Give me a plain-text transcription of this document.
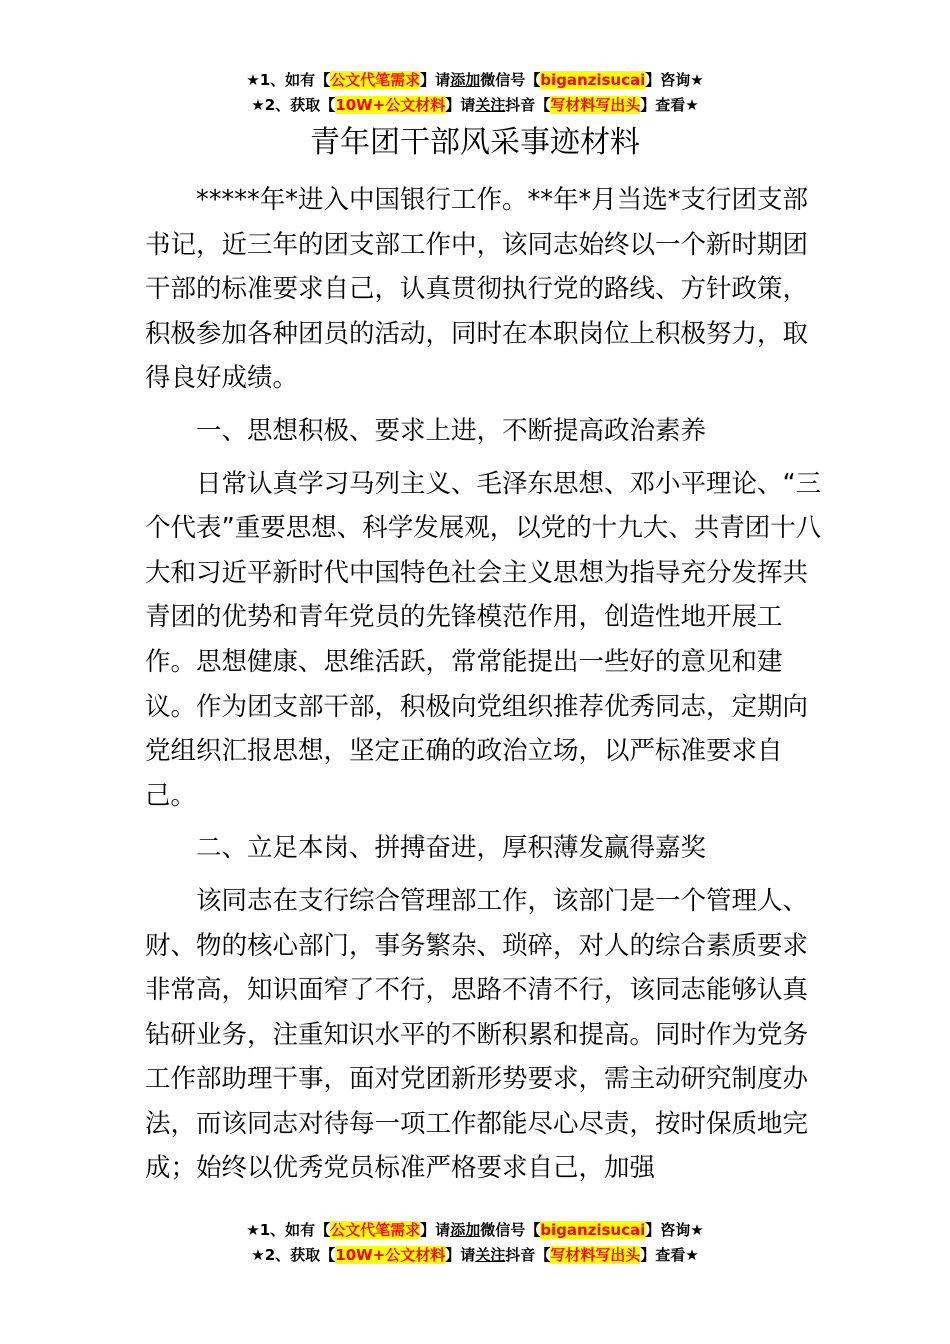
★1、如有【公文代笔需求】请添加微信号【biganzisucai】咨询★
★2、获取【10W+公文材料】请关注抖音【写材料写出头】查看★
青年团干部风采事迹材料

*****年*进入中国银行工作。**年*月当选*支行团支部书记，近三年的团支部工作中，该同志始终以一个新时期团干部的标准要求自己，认真贯彻执行党的路线、方针政策，积极参加各种团员的活动，同时在本职岗位上积极努力，取得良好成绩。

一、思想积极、要求上进，不断提高政治素养

日常认真学习马列主义、毛泽东思想、邓小平理论、“三个代表”重要思想、科学发展观，以党的十九大、共青团十八大和习近平新时代中国特色社会主义思想为指导充分发挥共青团的优势和青年党员的先锋模范作用，创造性地开展工作。思想健康、思维活跃，常常能提出一些好的意见和建议。作为团支部干部，积极向党组织推荐优秀同志，定期向党组织汇报思想，坚定正确的政治立场，以严标准要求自己。

二、立足本岗、拼搏奋进，厚积薄发赢得嘉奖

该同志在支行综合管理部工作，该部门是一个管理人、财、物的核心部门，事务繁杂、琐碎，对人的综合素质要求非常高，知识面窄了不行，思路不清不行，该同志能够认真钻研业务，注重知识水平的不断积累和提高。同时作为党务工作部助理干事，面对党团新形势要求，需主动研究制度办法，而该同志对待每一项工作都能尽心尽责，按时保质地完成；始终以优秀党员标准严格要求自己，加强

★1、如有【公文代笔需求】请添加微信号【biganzisucai】咨询★
★2、获取【10W+公文材料】请关注抖音【写材料写出头】查看★
